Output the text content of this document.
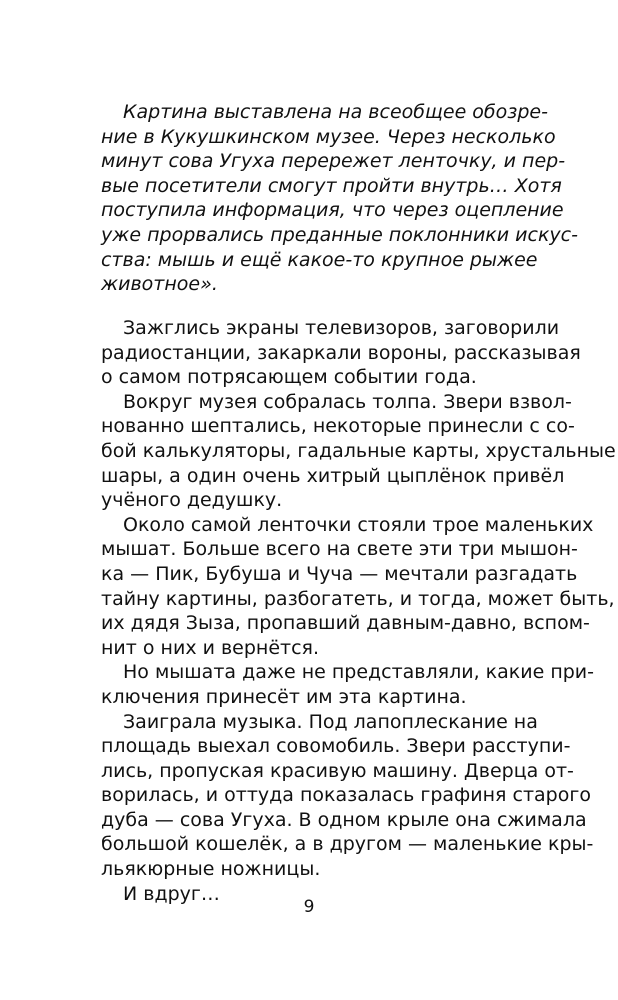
Картина выставлена на всеобщее обозре-
ние в Кукушкинском музее. Через несколько
минут сова Угуха перережет ленточку, и пер-
вые посетители смогут пройти внутрь… Хотя
поступила информация, что через оцепление
уже прорвались преданные поклонники искус-
ства: мышь и ещё какое-то крупное рыжее
животное».
Зажглись экраны телевизоров, заговорили
радиостанции, закаркали вороны, рассказывая
о самом потрясающем событии года.
Вокруг музея собралась толпа. Звери взвол-
нованно шептались, некоторые принесли с со-
бой калькуляторы, гадальные карты, хрустальные
шары, а один очень хитрый цыплёнок привёл
учёного дедушку.
Около самой ленточки стояли трое маленьких
мышат. Больше всего на свете эти три мышон-
ка — Пик, Бубуша и Чуча — мечтали разгадать
тайну картины, разбогатеть, и тогда, может быть,
их дядя Зыза, пропавший давным-давно, вспом-
нит о них и вернётся.
Но мышата даже не представляли, какие при-
ключения принесёт им эта картина.
Заиграла музыка. Под лапоплескание на
площадь выехал совомобиль. Звери расступи-
лись, пропуская красивую машину. Дверца от-
ворилась, и оттуда показалась графиня старого
дуба — сова Угуха. В одном крыле она сжимала
большой кошелёк, а в другом — маленькие кры-
льякюрные ножницы.
И вдруг…
9
